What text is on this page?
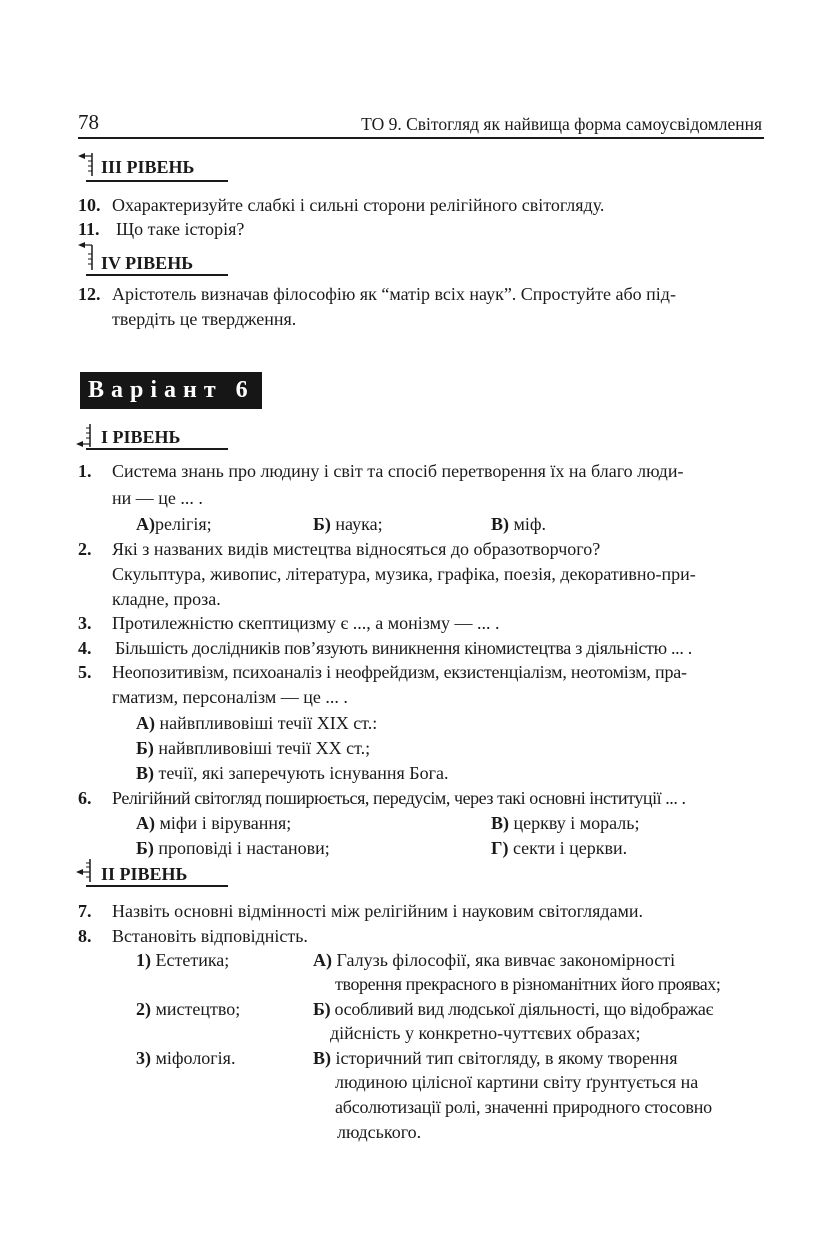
78	ТО 9. Світогляд як найвища форма самоусвідомлення
ІІІ РІВЕНЬ
10. Охарактеризуйте слабкі і сильні сторони релігійного світогляду.
11. Що таке історія?
ІV РІВЕНЬ
12. Арістотель визначав філософію як “матір всіх наук”. Спростуйте або під-
твердіть це твердження.
Варіант 6
І РІВЕНЬ
1. Система знань про людину і світ та спосіб перетворення їх на благо люди-
ни — це ... .
А)релігія;	Б) наука;	В) міф.
2. Які з названих видів мистецтва відносяться до образотворчого?
Скульптура, живопис, література, музика, графіка, поезія, декоративно-при-
кладне, проза.
3. Протилежністю скептицизму є ..., а монізму — ... .
4. Більшість дослідників пов’язують виникнення кіномистецтва з діяльністю ... .
5. Неопозитивізм, психоаналіз і неофрейдизм, екзистенціалізм, неотомізм, пра-
гматизм, персоналізм — це ... .
А) найвпливовіші течії ХІХ ст.:
Б) найвпливовіші течії ХХ ст.;
В) течії, які заперечують існування Бога.
6. Релігійний світогляд поширюється, передусім, через такі основні інституції ... .
А) міфи і вірування;	В) церкву і мораль;
Б) проповіді і настанови;	Г) секти і церкви.
ІІ РІВЕНЬ
7. Назвіть основні відмінності між релігійним і науковим світоглядами.
8. Встановіть відповідність.
1) Естетика;	А) Галузь філософії, яка вивчає закономірності
творення прекрасного в різноманітних його проявах;
2) мистецтво;	Б) особливий вид людської діяльності, що відображає
дійсність у конкретно-чуттєвих образах;
3) міфологія.	В) історичний тип світогляду, в якому творення
людиною цілісної картини світу ґрунтується на
абсолютизації ролі, значенні природного стосовно
людського.
